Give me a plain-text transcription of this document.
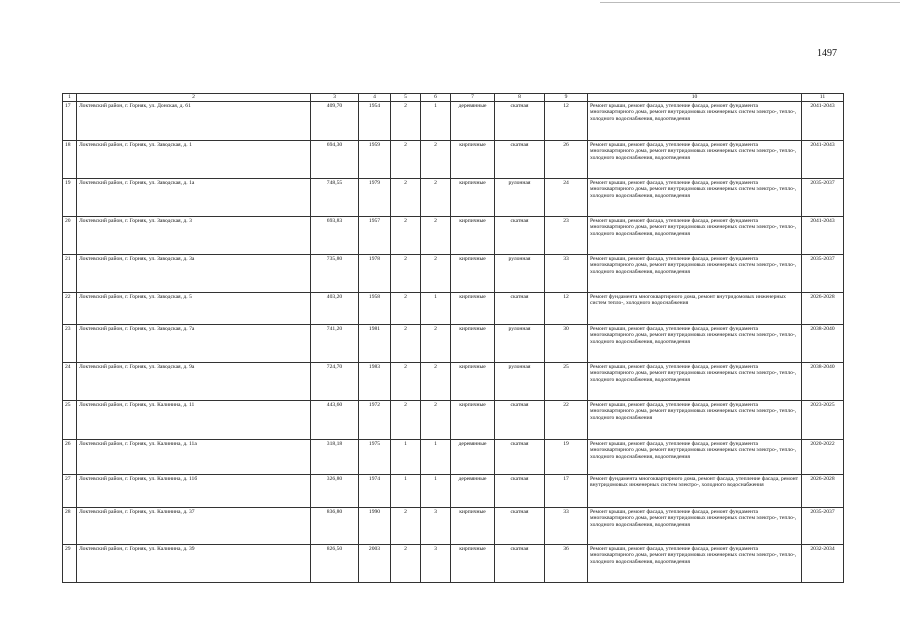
1497
1	2	3	4	5	6	7	8	9	10	11
17	Локтевский район, г. Горняк, ул. Донская, д. 61	409,70	1954	2	1	деревянные	скатная	12	Ремонт крыши, ремонт фасада, утепление фасада, ремонт фундамента многоквартирного дома, ремонт внутридомовых инженерных систем электро-, тепло-, холодного водоснабжения, водоотведения	2041-2043
18	Локтевский район, г. Горняк, ул. Заводская, д. 1	694,30	1959	2	2	кирпичные	скатная	26	Ремонт крыши, ремонт фасада, утепление фасада, ремонт фундамента многоквартирного дома, ремонт внутридомовых инженерных систем электро-, тепло-, холодного водоснабжения, водоотведения	2041-2043
19	Локтевский район, г. Горняк, ул. Заводская, д. 1а	748,55	1979	2	2	кирпичные	рулонная	24	Ремонт крыши, ремонт фасада, утепление фасада, ремонт фундамента многоквартирного дома, ремонт внутридомовых инженерных систем электро-, тепло-, холодного водоснабжения, водоотведения	2035-2037
20	Локтевский район, г. Горняк, ул. Заводская, д. 3	693,83	1957	2	2	кирпичные	скатная	23	Ремонт крыши, ремонт фасада, утепление фасада, ремонт фундамента многоквартирного дома, ремонт внутридомовых инженерных систем электро-, тепло-, холодного водоснабжения, водоотведения	2041-2043
21	Локтевский район, г. Горняк, ул. Заводская, д. 3а	735,80	1978	2	2	кирпичные	рулонная	33	Ремонт крыши, ремонт фасада, утепление фасада, ремонт фундамента многоквартирного дома, ремонт внутридомовых инженерных систем электро-, тепло-, холодного водоснабжения, водоотведения	2035-2037
22	Локтевский район, г. Горняк, ул. Заводская, д. 5	403,20	1958	2	1	кирпичные	скатная	12	Ремонт фундамента многоквартирного дома, ремонт внутридомовых инженерных систем тепло-, холодного водоснабжения	2026-2028
23	Локтевский район, г. Горняк, ул. Заводская, д. 7а	741,20	1981	2	2	кирпичные	рулонная	30	Ремонт крыши, ремонт фасада, утепление фасада, ремонт фундамента многоквартирного дома, ремонт внутридомовых инженерных систем электро-, тепло-, холодного водоснабжения, водоотведения	2038-2040
24	Локтевский район, г. Горняк, ул. Заводская, д. 9а	724,70	1983	2	2	кирпичные	рулонная	25	Ремонт крыши, ремонт фасада, утепление фасада, ремонт фундамента многоквартирного дома, ремонт внутридомовых инженерных систем электро-, тепло-, холодного водоснабжения, водоотведения	2038-2040
25	Локтевский район, г. Горняк, ул. Калинина, д. 11	443,60	1972	2	2	кирпичные	скатная	22	Ремонт крыши, ремонт фасада, утепление фасада, ремонт фундамента многоквартирного дома, ремонт внутридомовых инженерных систем электро-, тепло-, холодного водоснабжения	2023-2025
26	Локтевский район, г. Горняк, ул. Калинина, д. 11а	318,18	1975	1	1	деревянные	скатная	19	Ремонт крыши, ремонт фасада, утепление фасада, ремонт фундамента многоквартирного дома, ремонт внутридомовых инженерных систем электро-, тепло-, холодного водоснабжения, водоотведения	2020-2022
27	Локтевский район, г. Горняк, ул. Калинина, д. 11б	326,80	1974	1	1	деревянные	скатная	17	Ремонт фундамента многоквартирного дома, ремонт фасада, утепление фасада, ремонт внутридомовых инженерных систем электро-, холодного водоснабжения	2026-2028
28	Локтевский район, г. Горняк, ул. Калинина, д. 37	836,80	1990	2	3	кирпичные	скатная	33	Ремонт крыши, ремонт фасада, утепление фасада, ремонт фундамента многоквартирного дома, ремонт внутридомовых инженерных систем электро-, тепло-, холодного водоснабжения, водоотведения	2035-2037
29	Локтевский район, г. Горняк, ул. Калинина, д. 39	826,50	2003	2	3	кирпичные	скатная	36	Ремонт крыши, ремонт фасада, утепление фасада, ремонт фундамента многоквартирного дома, ремонт внутридомовых инженерных систем электро-, тепло-, холодного водоснабжения, водоотведения	2032-2034
